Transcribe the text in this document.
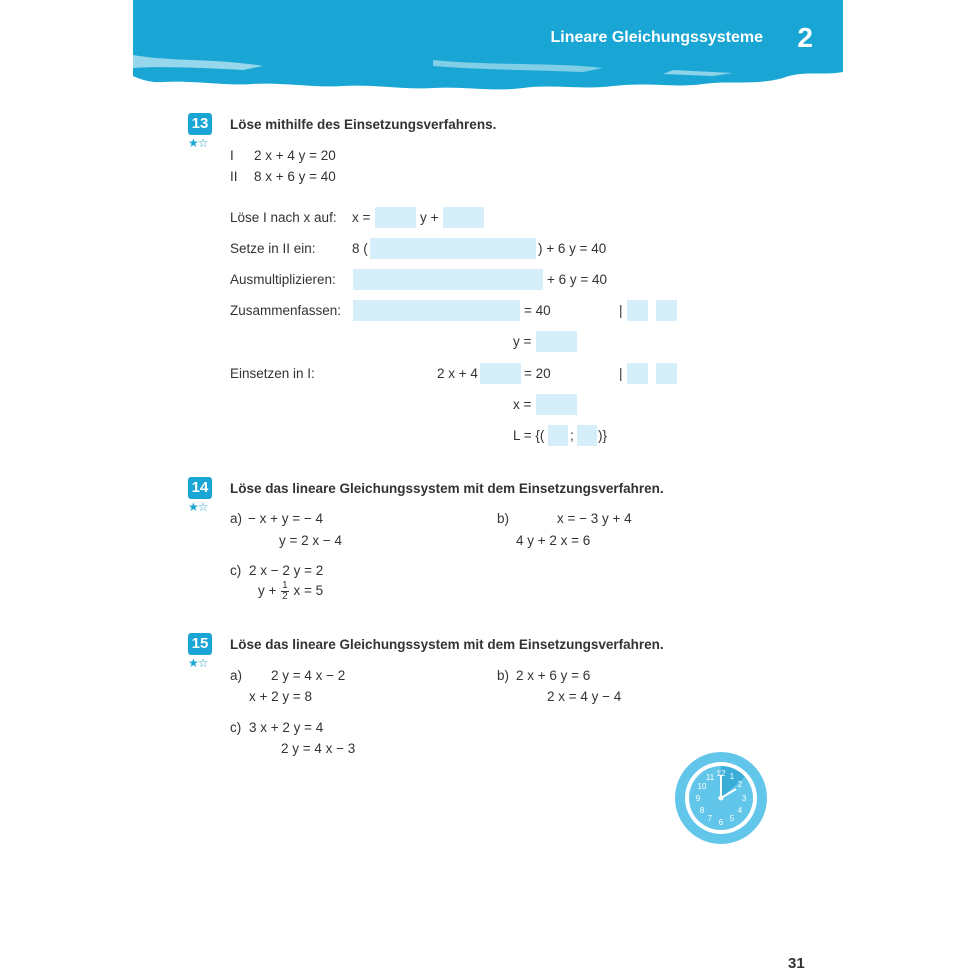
Lineare Gleichungssysteme 2
13
★☆
Löse mithilfe des Einsetzungsverfahrens.
I 2 x + 4 y = 20
II 8 x + 6 y = 40
Löse I nach x auf: x =	y +
Setze in II ein:	8 (	) + 6 y = 40
Ausmultiplizieren:	+ 6 y = 40
Zusammenfassen:	= 40	|
y =
Einsetzen in I:	2 x + 4	= 20	|
x =
L = {( ; )}
14
★☆
Löse das lineare Gleichungssystem mit dem Einsetzungsverfahren.
a) − x + y = − 4
y = 2 x − 4
b)	x = − 3 y + 4
4 y + 2 x = 6
c) 2 x − 2 y = 2
$y + \frac{1}{2}$ x = 5
15
★☆
Löse das lineare Gleichungssystem mit dem Einsetzungsverfahren.
a) 2 y = 4 x − 2
x + 2 y = 8
b) 2 x + 6 y = 6
2 x = 4 y − 4
c) 3 x + 2 y = 4
2 y = 4 x − 3
12 1
2
3
4
5
6
7
8
9
10
11
31
